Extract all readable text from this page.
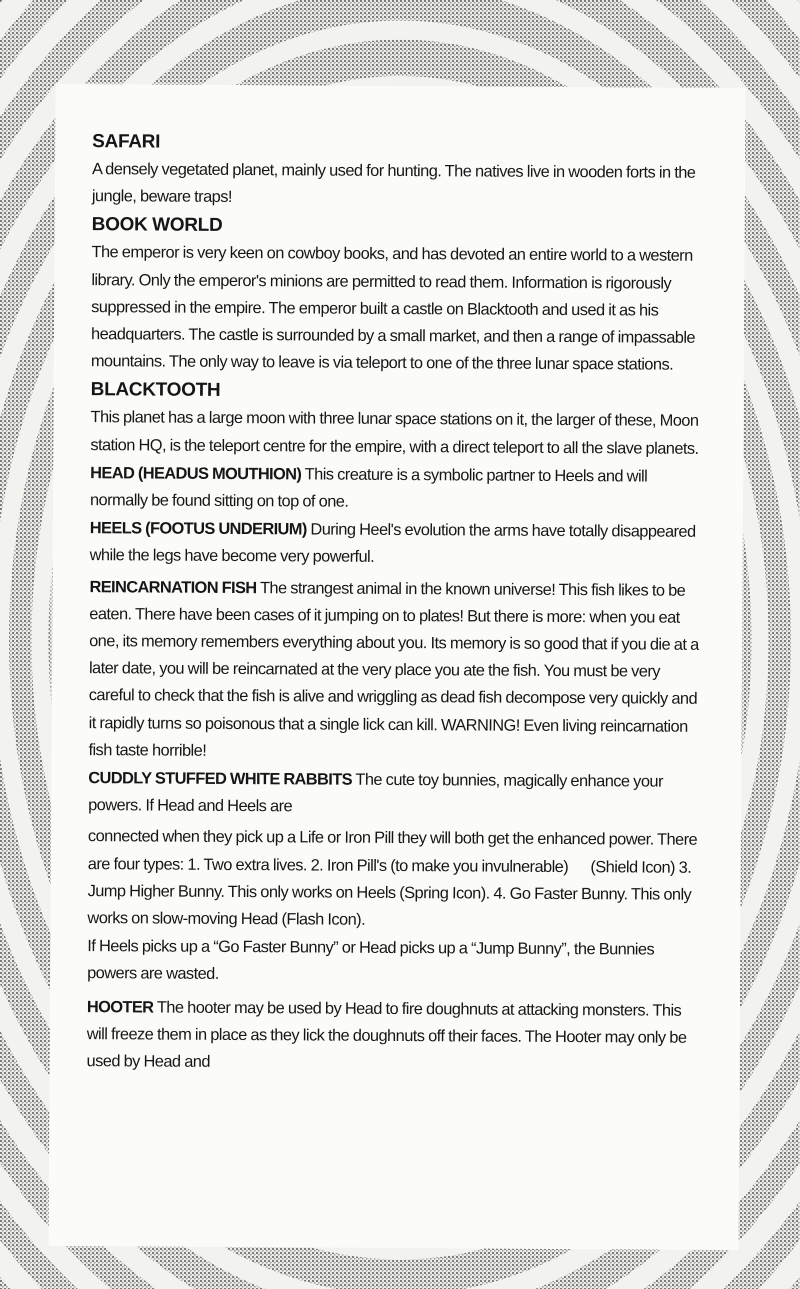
SAFARI

A densely vegetated planet, mainly used for hunting. The natives live in wooden forts in the jungle, beware traps!

BOOK WORLD

The emperor is very keen on cowboy books, and has devoted an entire world to a western library. Only the emperor's minions are permitted to read them. Information is rigorously suppressed in the empire. The emperor built a castle on Blacktooth and used it as his headquarters. The castle is surrounded by a small market, and then a range of impassable mountains. The only way to leave is via teleport to one of the three lunar space stations.

BLACKTOOTH

This planet has a large moon with three lunar space stations on it, the larger of these, Moon station HQ, is the teleport centre for the empire, with a direct teleport to all the slave planets.

HEAD (HEADUS MOUTHION) This creature is a symbolic partner to Heels and will normally be found sitting on top of one.

HEELS (FOOTUS UNDERIUM) During Heel's evolution the arms have totally disappeared while the legs have become very powerful.

REINCARNATION FISH The strangest animal in the known universe! This fish likes to be eaten. There have been cases of it jumping on to plates! But there is more: when you eat one, its memory remembers everything about you. Its memory is so good that if you die at a later date, you will be reincarnated at the very place you ate the fish. You must be very careful to check that the fish is alive and wriggling as dead fish decompose very quickly and it rapidly turns so poisonous that a single lick can kill. WARNING! Even living reincarnation fish taste horrible!

CUDDLY STUFFED WHITE RABBITS The cute toy bunnies, magically enhance your powers. If Head and Heels are

connected when they pick up a Life or Iron Pill they will both get the enhanced power. There are four types: 1. Two extra lives. 2. Iron Pill's (to make you invulnerable)      (Shield Icon) 3. Jump Higher Bunny. This only works on Heels (Spring Icon). 4. Go Faster Bunny. This only works on slow-moving Head (Flash Icon).

If Heels picks up a “Go Faster Bunny” or Head picks up a “Jump Bunny”, the Bunnies powers are wasted.

HOOTER The hooter may be used by Head to fire doughnuts at attacking monsters. This will freeze them in place as they lick the doughnuts off their faces. The Hooter may only be used by Head and
